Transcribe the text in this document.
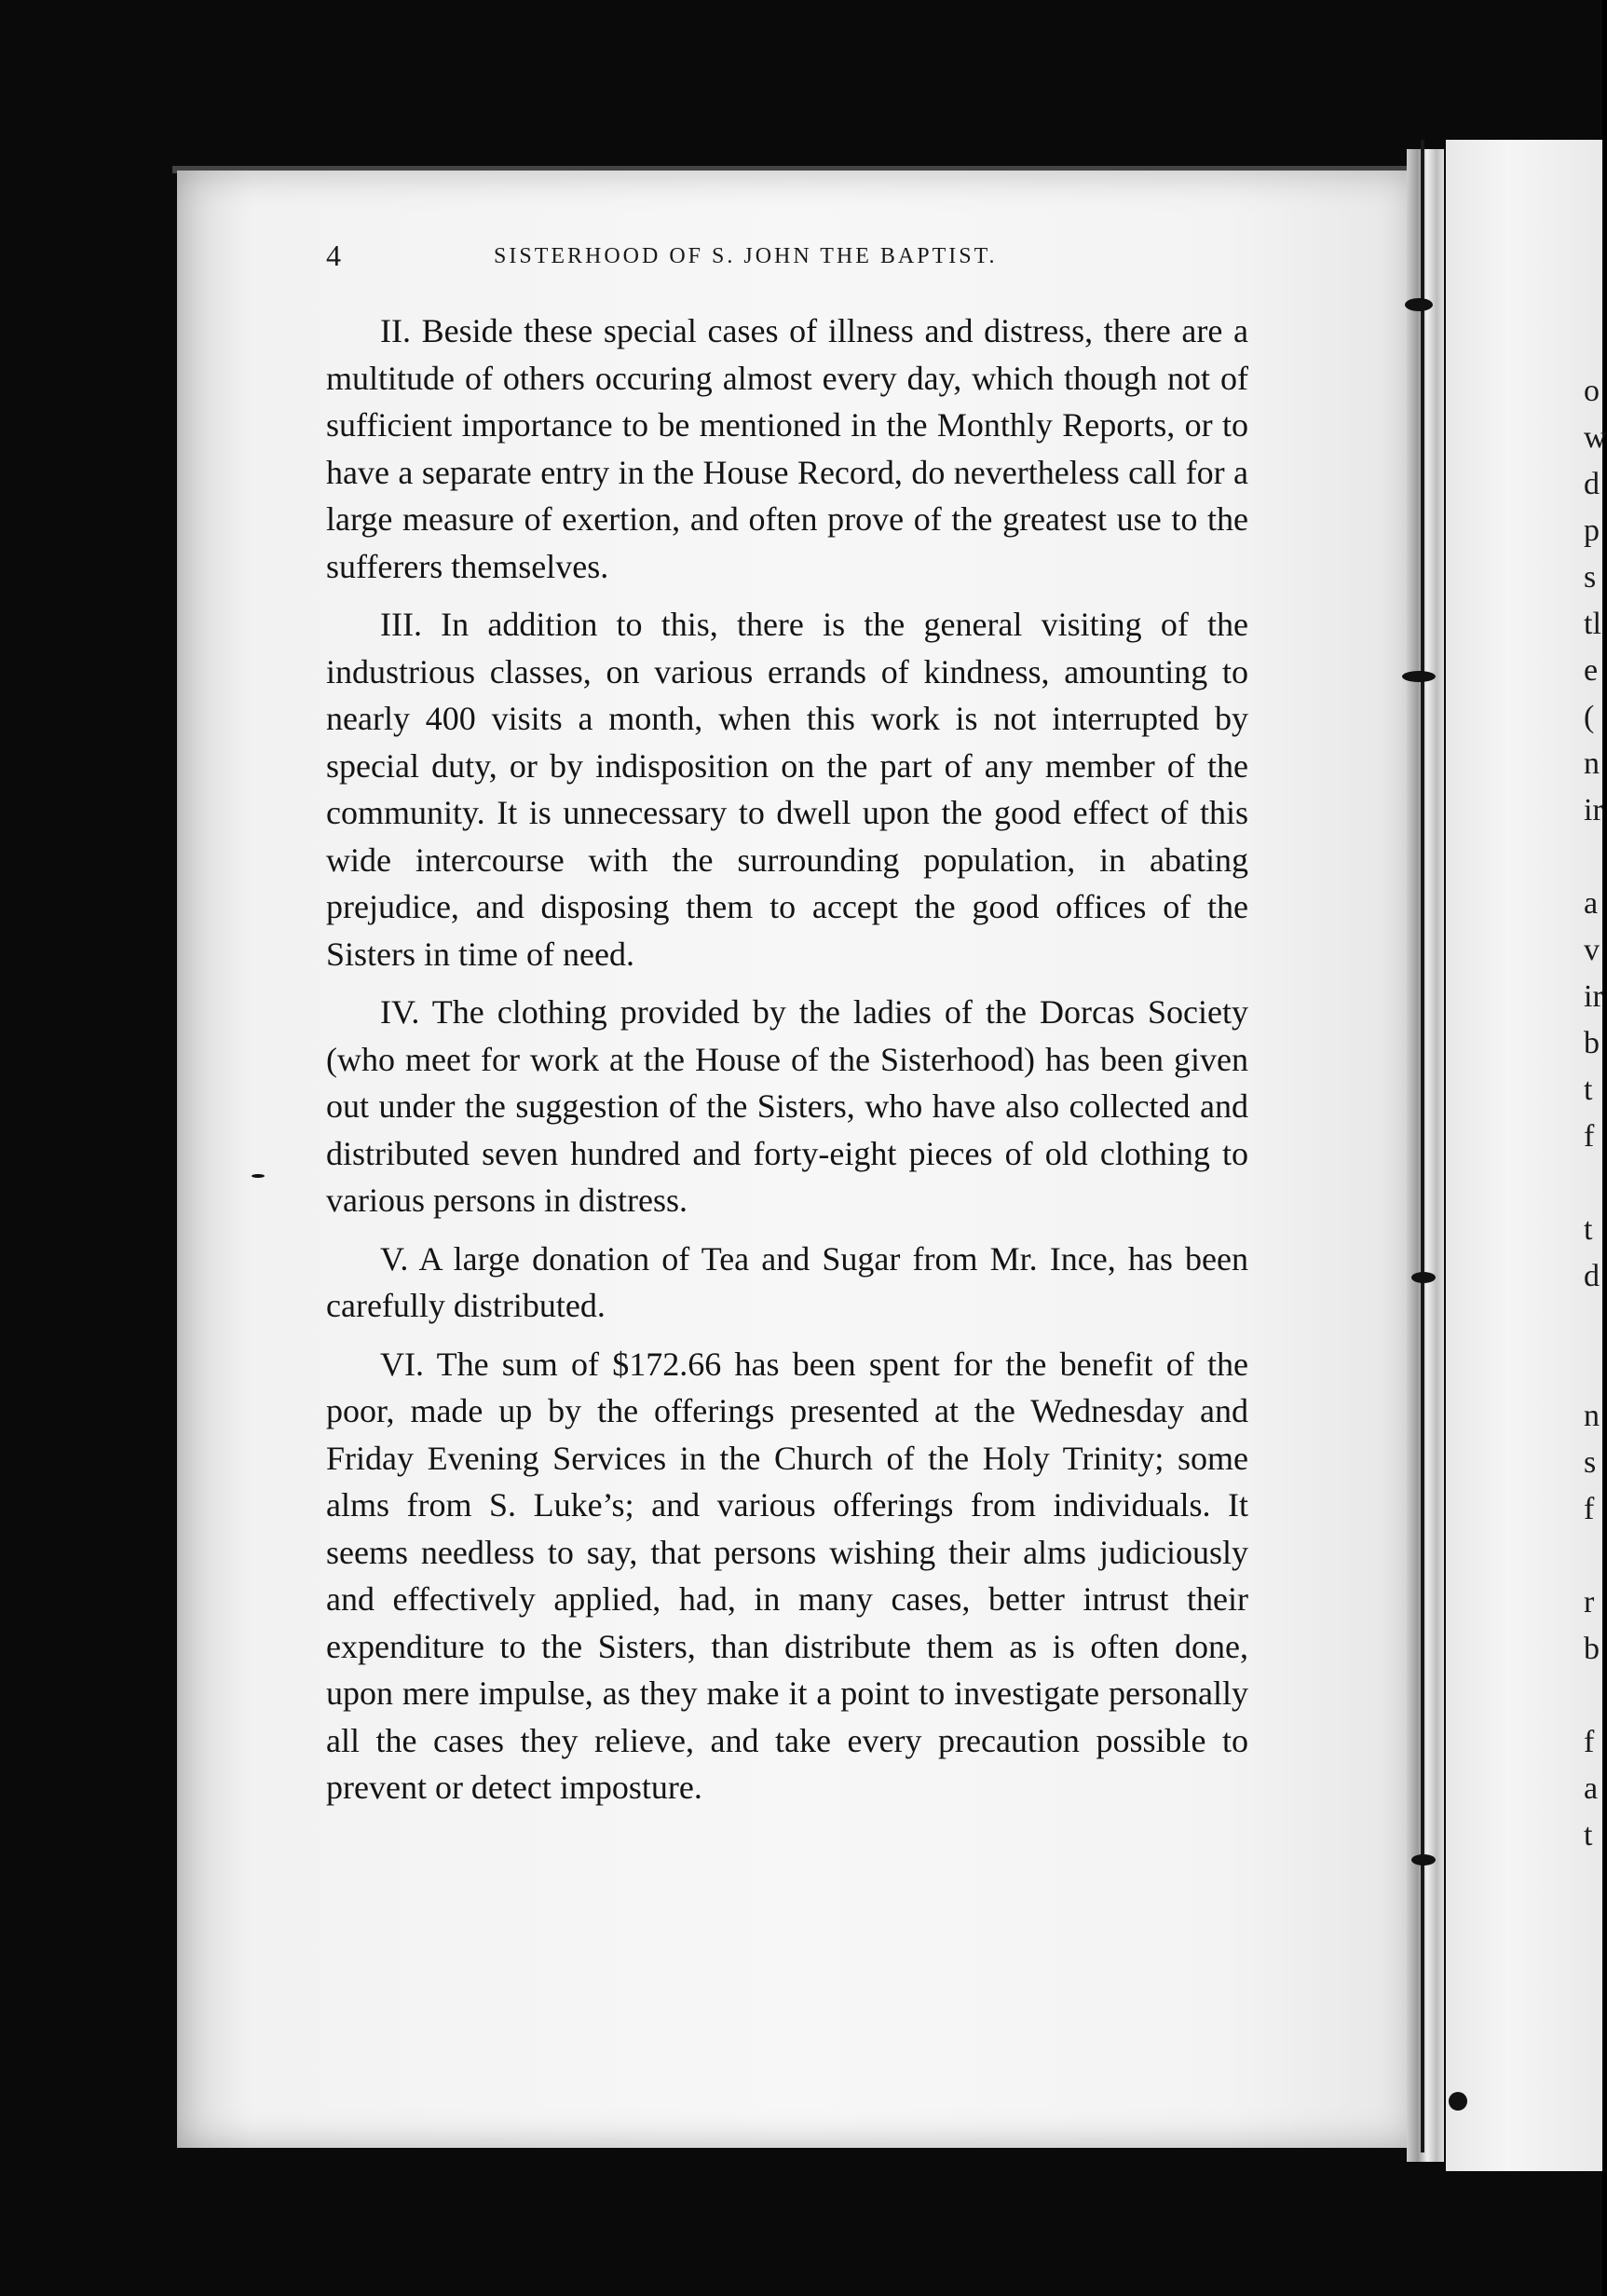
4	SISTERHOOD OF S. JOHN THE BAPTIST.

II. Beside these special cases of illness and distress, there are a multitude of others occuring almost every day, which though not of sufficient importance to be mentioned in the Monthly Reports, or to have a separate entry in the House Record, do nevertheless call for a large measure of exertion, and often prove of the greatest use to the sufferers themselves.

III. In addition to this, there is the general visiting of the industrious classes, on various errands of kindness, amounting to nearly 400 visits a month, when this work is not interrupted by special duty, or by indisposition on the part of any member of the community. It is unnecessary to dwell upon the good effect of this wide intercourse with the surrounding population, in abating prejudice, and disposing them to accept the good offices of the Sisters in time of need.

IV. The clothing provided by the ladies of the Dorcas Society (who meet for work at the House of the Sisterhood) has been given out under the suggestion of the Sisters, who have also collected and distributed seven hundred and forty-eight pieces of old clothing to various persons in distress.

V. A large donation of Tea and Sugar from Mr. Ince, has been carefully distributed.

VI. The sum of $172.66 has been spent for the benefit of the poor, made up by the offerings presented at the Wednesday and Friday Evening Services in the Church of the Holy Trinity; some alms from S. Luke’s; and various offerings from individuals. It seems needless to say, that persons wishing their alms judiciously and effectively applied, had, in many cases, better intrust their expenditure to the Sisters, than distribute them as is often done, upon mere impulse, as they make it a point to investigate personally all the cases they relieve, and take every precaution possible to prevent or detect imposture.

o
w
d
p
s
tl
e
(
n
ir
a
v
ir
b
t
f
t
d
n
s
f
r
b
f
a
t
